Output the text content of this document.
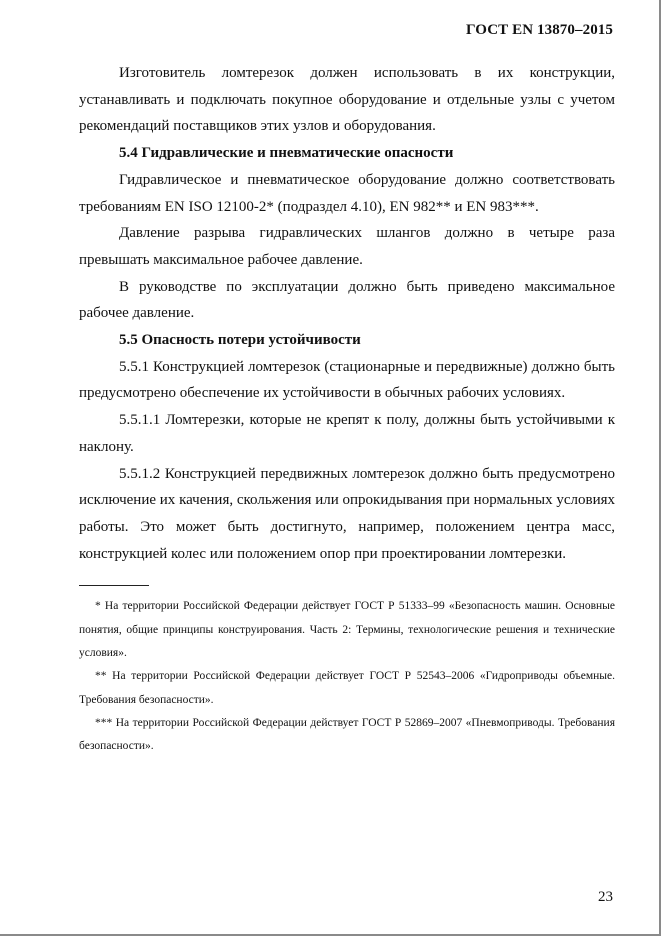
ГОСТ EN 13870–2015

Изготовитель ломтерезок должен использовать в их конструкции, устанавливать и подключать покупное оборудование и отдельные узлы с учетом рекомендаций поставщиков этих узлов и оборудования.

5.4 Гидравлические и пневматические опасности

Гидравлическое и пневматическое оборудование должно соответствовать требованиям EN ISO 12100-2* (подраздел 4.10), EN 982** и EN 983***.

Давление разрыва гидравлических шлангов должно в четыре раза превышать максимальное рабочее давление.

В руководстве по эксплуатации должно быть приведено максимальное рабочее давление.

5.5 Опасность потери устойчивости

5.5.1 Конструкцией ломтерезок (стационарные и передвижные) должно быть предусмотрено обеспечение их устойчивости в обычных рабочих условиях.

5.5.1.1 Ломтерезки, которые не крепят к полу, должны быть устойчивыми к наклону.

5.5.1.2 Конструкцией передвижных ломтерезок должно быть предусмотрено исключение их качения, скольжения или опрокидывания при нормальных условиях работы. Это может быть достигнуто, например, положением центра масс, конструкцией колес или положением опор при проектировании ломтерезки.

* На территории Российской Федерации действует ГОСТ Р 51333–99 «Безопасность машин. Основные понятия, общие принципы конструирования. Часть 2: Термины, технологические решения и технические условия».

** На территории Российской Федерации действует ГОСТ Р 52543–2006 «Гидроприводы объемные. Требования безопасности».

*** На территории Российской Федерации действует ГОСТ Р 52869–2007 «Пневмоприводы. Требования безопасности».

23
